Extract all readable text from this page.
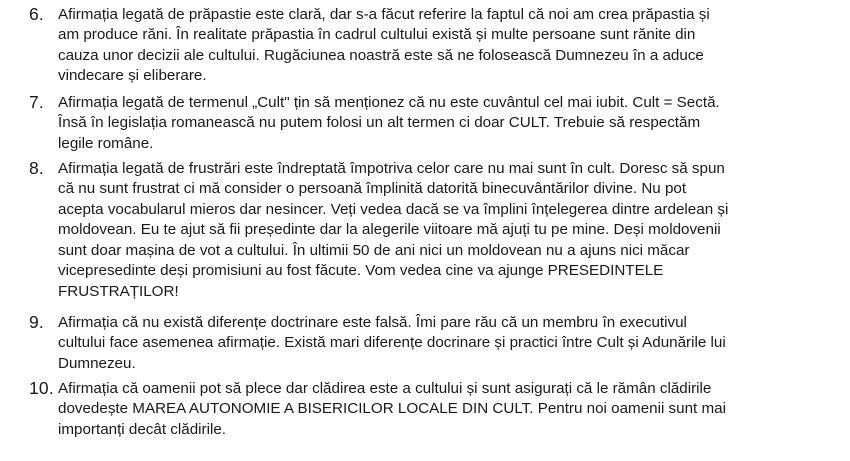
6. Afirmația legată de prăpastie este clară, dar s-a făcut referire la faptul că noi am crea prăpastia și
am produce răni. În realitate prăpastia în cadrul cultului există și multe persoane sunt rănite din
cauza unor decizii ale cultului. Rugăciunea noastră este să ne folosească Dumnezeu în a aduce
vindecare și eliberare.
7. Afirmația legată de termenul „Cult" țin să menționez că nu este cuvântul cel mai iubit. Cult = Sectă.
Însă în legislația romanească nu putem folosi un alt termen ci doar CULT. Trebuie să respectăm
legile române.
8. Afirmația legată de frustrări este îndreptată împotriva celor care nu mai sunt în cult. Doresc să spun
că nu sunt frustrat ci mă consider o persoană împlinită datorită binecuvântărilor divine. Nu pot
acepta vocabularul mieros dar nesincer. Veți vedea dacă se va împlini înțelegerea dintre ardelean și
moldovean. Eu te ajut să fii președinte dar la alegerile viitoare mă ajuți tu pe mine. Deși moldovenii
sunt doar mașina de vot a cultului. În ultimii 50 de ani nici un moldovean nu a ajuns nici măcar
vicepresedinte deși promisiuni au fost făcute. Vom vedea cine va ajunge PRESEDINTELE
FRUSTRAȚILOR!
9. Afirmația că nu există diferențe doctrinare este falsă. Îmi pare rău că un membru în executivul
cultului face asemenea afirmație. Există mari diferențe docrinare și practici între Cult și Adunările lui
Dumnezeu.
10. Afirmația că oamenii pot să plece dar clădirea este a cultului și sunt asigurați că le rămân clădirile
dovedește MAREA AUTONOMIE A BISERICILOR LOCALE DIN CULT. Pentru noi oamenii sunt mai
importanți decât clădirile.
